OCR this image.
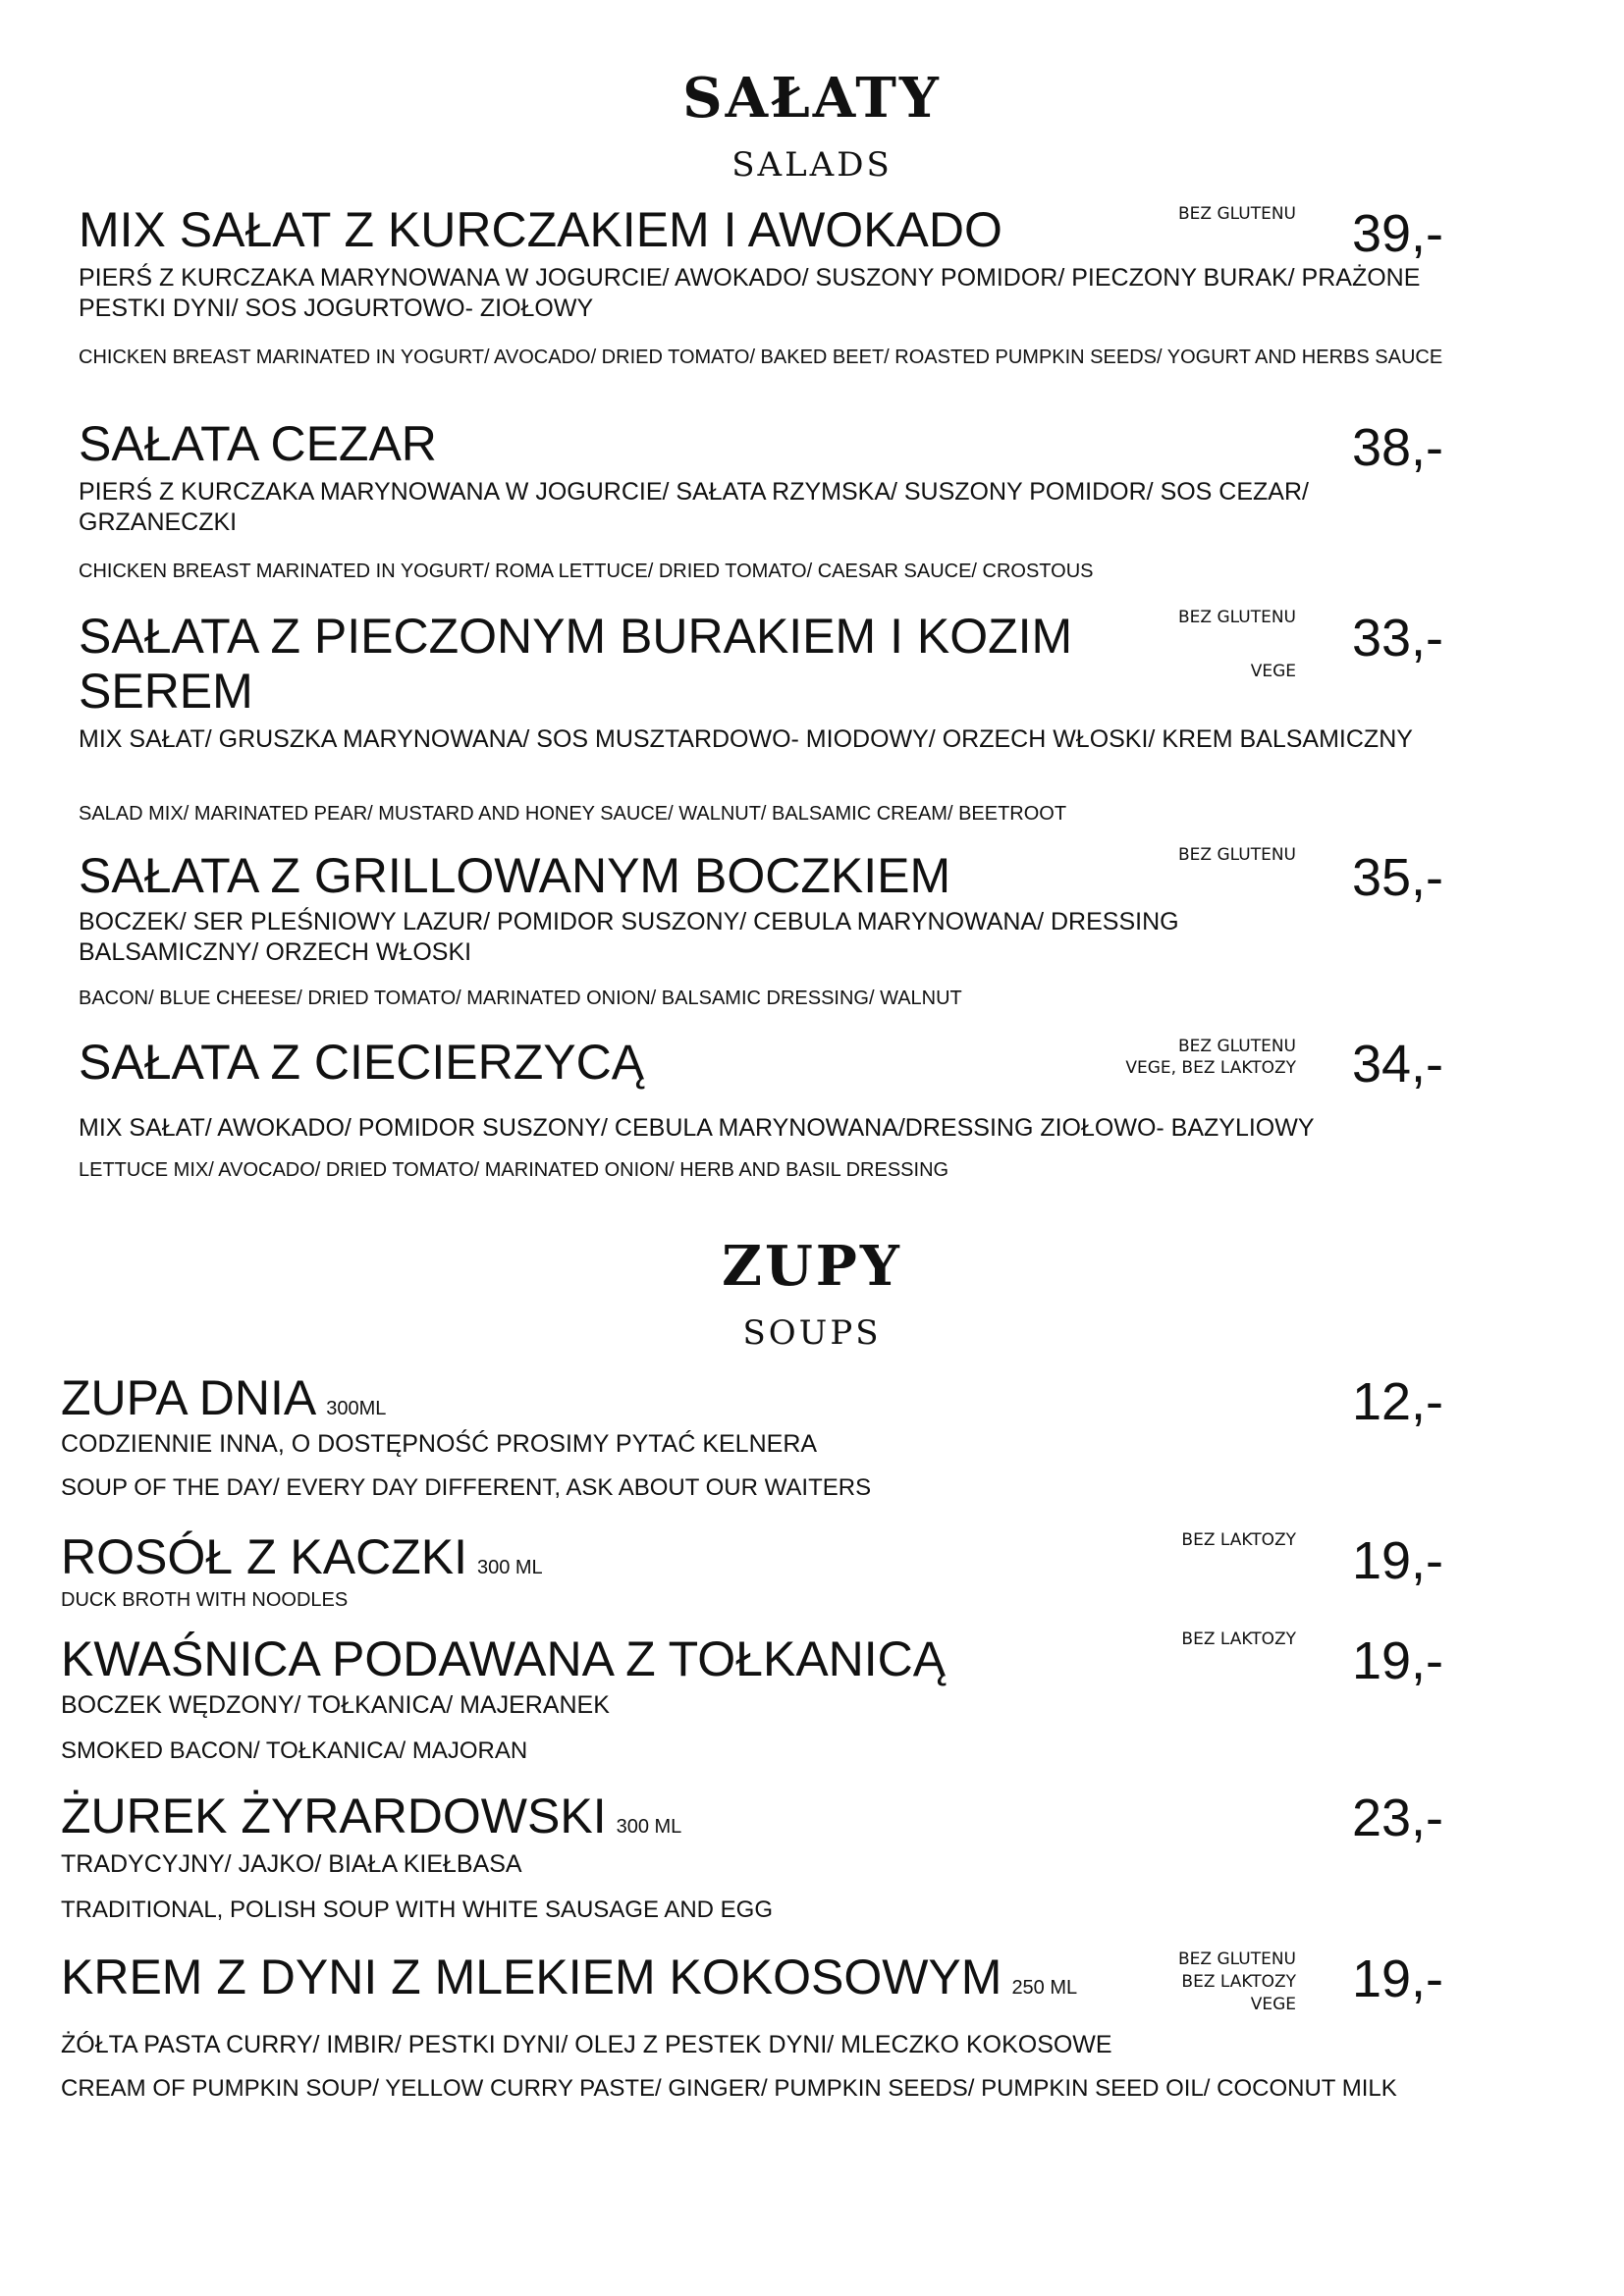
SAŁATY
SALADS
MIX SAŁAT Z KURCZAKIEM I AWOKADO	BEZ GLUTENU	39,-
PIERŚ Z KURCZAKA MARYNOWANA W JOGURCIE/ AWOKADO/ SUSZONY POMIDOR/ PIECZONY BURAK/ PRAŻONE PESTKI DYNI/ SOS JOGURTOWO- ZIOŁOWY
CHICKEN BREAST MARINATED IN YOGURT/ AVOCADO/ DRIED TOMATO/ BAKED BEET/ ROASTED PUMPKIN SEEDS/ YOGURT AND HERBS SAUCE
SAŁATA CEZAR	38,-
PIERŚ Z KURCZAKA MARYNOWANA W JOGURCIE/ SAŁATA RZYMSKA/ SUSZONY POMIDOR/ SOS CEZAR/ GRZANECZKI
CHICKEN BREAST MARINATED IN YOGURT/ ROMA LETTUCE/ DRIED TOMATO/ CAESAR SAUCE/ CROSTOUS
SAŁATA Z PIECZONYM BURAKIEM I KOZIM
SEREM
BEZ GLUTENU
VEGE
33,-
MIX SAŁAT/ GRUSZKA MARYNOWANA/ SOS MUSZTARDOWO- MIODOWY/ ORZECH WŁOSKI/ KREM BALSAMICZNY
SALAD MIX/ MARINATED PEAR/ MUSTARD AND HONEY SAUCE/ WALNUT/ BALSAMIC CREAM/ BEETROOT
SAŁATA Z GRILLOWANYM BOCZKIEM	BEZ GLUTENU	35,-
BOCZEK/ SER PLEŚNIOWY LAZUR/ POMIDOR SUSZONY/ CEBULA MARYNOWANA/ DRESSING BALSAMICZNY/ ORZECH WŁOSKI
BACON/ BLUE CHEESE/ DRIED TOMATO/ MARINATED ONION/ BALSAMIC DRESSING/ WALNUT
SAŁATA Z CIECIERZYCĄ	BEZ GLUTENU
VEGE, BEZ LAKTOZY	34,-
MIX SAŁAT/ AWOKADO/ POMIDOR SUSZONY/ CEBULA MARYNOWANA/DRESSING ZIOŁOWO- BAZYLIOWY
LETTUCE MIX/ AVOCADO/ DRIED TOMATO/ MARINATED ONION/ HERB AND BASIL DRESSING
ZUPY
SOUPS
ZUPA DNIA 300ML	12,-
CODZIENNIE INNA, O DOSTĘPNOŚĆ PROSIMY PYTAĆ KELNERA
SOUP OF THE DAY/ EVERY DAY DIFFERENT, ASK ABOUT OUR WAITERS
ROSÓŁ Z KACZKI 300 ML
BEZ LAKTOZY	19,-
DUCK BROTH WITH NOODLES
KWAŚNICA PODAWANA Z TOŁKANICĄ	BEZ LAKTOZY	19,-
BOCZEK WĘDZONY/ TOŁKANICA/ MAJERANEK
SMOKED BACON/ TOŁKANICA/ MAJORAN
ŻUREK ŻYRARDOWSKI 300 ML	23,-
TRADYCYJNY/ JAJKO/ BIAŁA KIEŁBASA
TRADITIONAL, POLISH SOUP WITH WHITE SAUSAGE AND EGG
KREM Z DYNI Z MLEKIEM KOKOSOWYM 250 ML
BEZ GLUTENU
BEZ LAKTOZY
VEGE	19,-
ŻÓŁTA PASTA CURRY/ IMBIR/ PESTKI DYNI/ OLEJ Z PESTEK DYNI/ MLECZKO KOKOSOWE
CREAM OF PUMPKIN SOUP/ YELLOW CURRY PASTE/ GINGER/ PUMPKIN SEEDS/ PUMPKIN SEED OIL/ COCONUT MILK
